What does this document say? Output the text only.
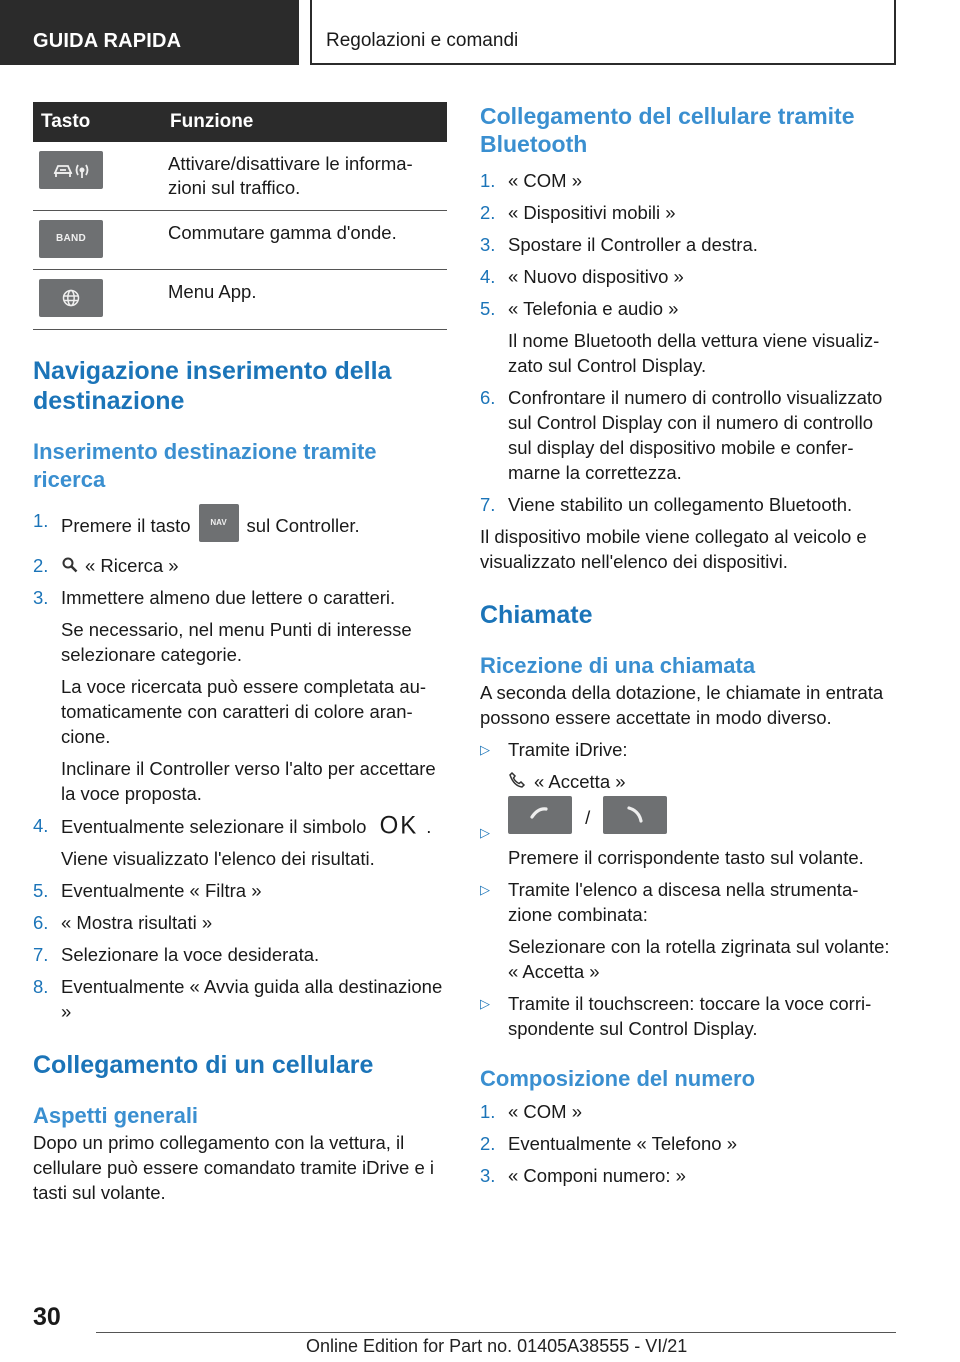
GUIDA RAPIDA	Regolazioni e comandi
Tasto	Funzione

	Attivare/disattivare le informa-zioni sul traffico.

BAND	Commutare gamma d'onde.

	Menu App.
Navigazione inserimento della destinazione
Inserimento destinazione tramite ricerca
1. Premere il tasto NAV sul Controller.
2. « Ricerca »
3. Immettere almeno due lettere o caratteri.

Se necessario, nel menu Punti di interesse selezionare categorie.

La voce ricercata può essere completata au-tomaticamente con caratteri di colore aran-cione.

Inclinare il Controller verso l'alto per accettare la voce proposta.

4. Eventualmente selezionare il simbolo OK .

Viene visualizzato l'elenco dei risultati.

5. Eventualmente « Filtra »
6. « Mostra risultati »
7. Selezionare la voce desiderata.
8. Eventualmente « Avvia guida alla destinazione »
Collegamento di un cellulare
Aspetti generali

Dopo un primo collegamento con la vettura, il cellulare può essere comandato tramite iDrive e i tasti sul volante.

Collegamento del cellulare tramite Bluetooth
1. « COM »
2. « Dispositivi mobili »
3. Spostare il Controller a destra.
4. « Nuovo dispositivo »
5. « Telefonia e audio »

Il nome Bluetooth della vettura viene visualiz-zato sul Control Display.

6. Confrontare il numero di controllo visualizzato sul Control Display con il numero di controllo sul display del dispositivo mobile e confer-marne la correttezza.
7. Viene stabilito un collegamento Bluetooth.

Il dispositivo mobile viene collegato al veicolo e visualizzato nell'elenco dei dispositivi.

Chiamate
Ricezione di una chiamata

A seconda della dotazione, le chiamate in entrata possono essere accettate in modo diverso.

▷ Tramite iDrive:

« Accetta »

▷
/

Premere il corrispondente tasto sul volante.

▷ Tramite l'elenco a discesa nella strumenta-zione combinata:

Selezionare con la rotella zigrinata sul volante: « Accetta »

▷ Tramite il touchscreen: toccare la voce corri-spondente sul Control Display.
Composizione del numero
1. « COM »
2. Eventualmente « Telefono »
3. « Componi numero: »
30
Online Edition for Part no. 01405A38555 - VI/21
